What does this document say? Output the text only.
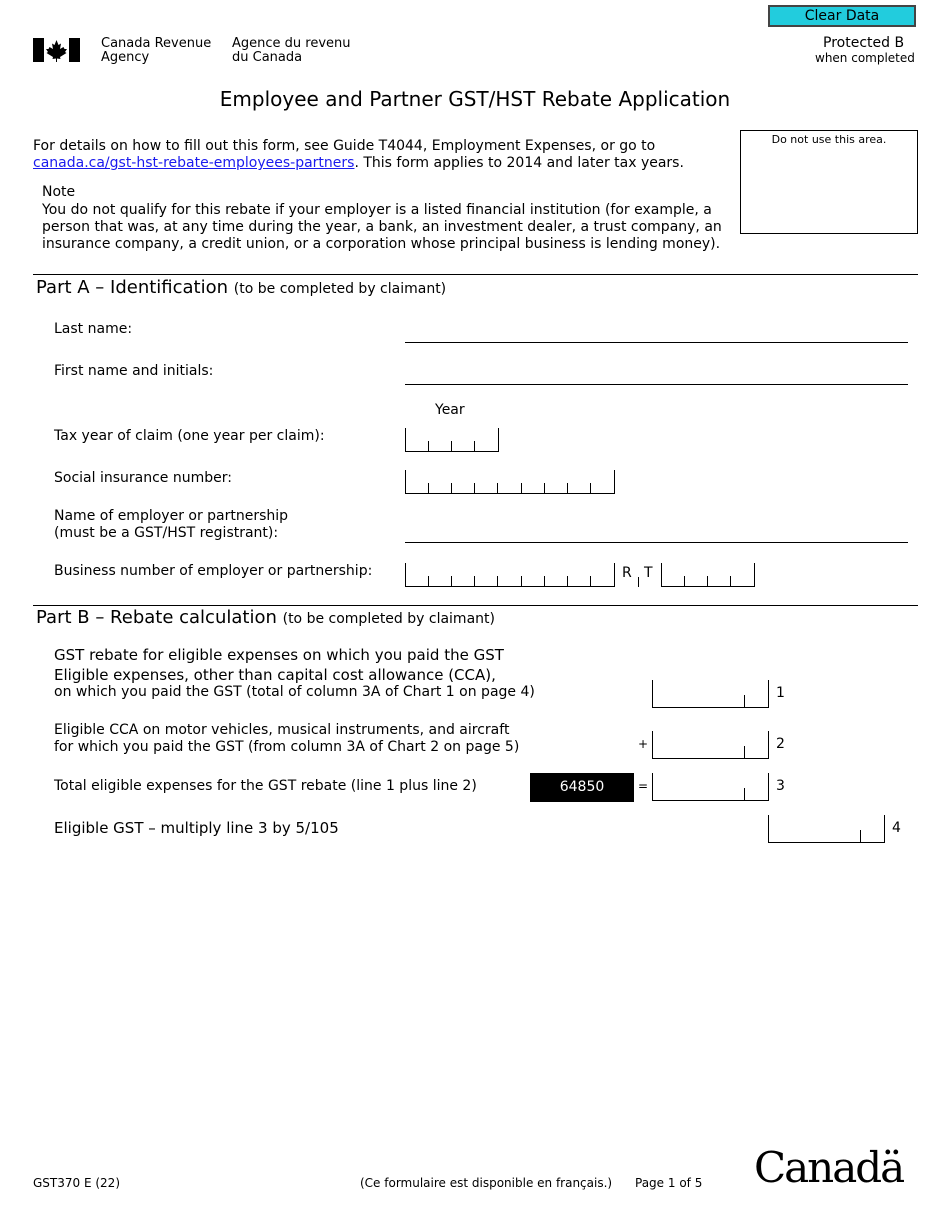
Clear Data
Canada Revenue
Agency
Agence du revenu
du Canada
Protected B
when completed
Employee and Partner GST/HST Rebate Application
For details on how to fill out this form, see Guide T4044, Employment Expenses, or go to
canada.ca/gst-hst-rebate-employees-partners. This form applies to 2014 and later tax years.
Do not use this area.
Note
You do not qualify for this rebate if your employer is a listed financial institution (for example, a
person that was, at any time during the year, a bank, an investment dealer, a trust company, an
insurance company, a credit union, or a corporation whose principal business is lending money).
Part A – Identification (to be completed by claimant)
Last name:
First name and initials:
Year
Tax year of claim (one year per claim):
Social insurance number:
Name of employer or partnership
(must be a GST/HST registrant):
Business number of employer or partnership:	R T
Part B – Rebate calculation (to be completed by claimant)
GST rebate for eligible expenses on which you paid the GST
Eligible expenses, other than capital cost allowance (CCA),
on which you paid the GST (total of column 3A of Chart 1 on page 4)	1
Eligible CCA on motor vehicles, musical instruments, and aircraft
for which you paid the GST (from column 3A of Chart 2 on page 5)	+	2
Total eligible expenses for the GST rebate (line 1 plus line 2)	64850	=	3
Eligible GST – multiply line 3 by 5/105	4
GST370 E (22)	(Ce formulaire est disponible en français.) Page 1 of 5 Canadä
